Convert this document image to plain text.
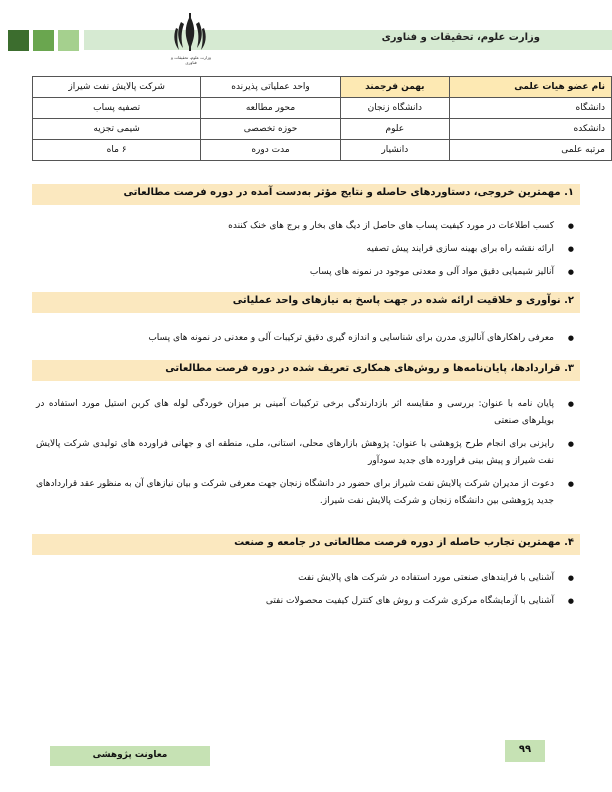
وزارت علوم، تحقیقات و فناوری
وزارت علوم، تحقیقات و فناوری
نام عضو هیات علمی	بهمن فرجمند	واحد عملیاتی پذیرنده	شرکت پالایش نفت شیراز
دانشگاه	دانشگاه زنجان	محور مطالعه	تصفیه پساب
دانشکده	علوم	حوزه تخصصی	شیمی تجزیه
مرتبه علمی	دانشیار	مدت دوره	۶ ماه
۱. مهمترین خروجی، دستاوردهای حاصله و نتایج مؤثر به‌دست آمده در دوره فرصت مطالعاتی
● کسب اطلاعات در مورد کیفیت پساب های حاصل از دیگ های بخار و برج های خنک کننده
● ارائه نقشه راه برای بهینه سازی فرایند پیش تصفیه
● آنالیز شیمیایی دقیق مواد آلی و معدنی موجود در نمونه های پساب
۲. نوآوری و خلاقیت ارائه شده در جهت پاسخ به نیازهای واحد عملیاتی
● معرفی راهکارهای آنالیزی مدرن برای شناسایی و اندازه گیری دقیق ترکیبات آلی و معدنی در نمونه های پساب
۳. قراردادها، پایان‌نامه‌ها و روش‌های همکاری تعریف شده در دوره فرصت مطالعاتی
● پایان نامه با عنوان: بررسی و مقایسه اثر بازدارندگی برخی ترکیبات آمینی بر میزان خوردگی لوله های کربن استیل مورد استفاده در بویلرهای صنعتی
● رایزنی برای انجام طرح پژوهشی با عنوان: پژوهش بازارهای محلی، استانی، ملی، منطقه ای و جهانی فراورده های تولیدی شرکت پالایش نفت شیراز و پیش بینی فراورده های جدید سودآور
● دعوت از مدیران شرکت پالایش نفت شیراز برای حضور در دانشگاه زنجان جهت معرفی شرکت و بیان نیازهای آن به منظور عقد قراردادهای جدید پژوهشی بین دانشگاه زنجان و شرکت پالایش نفت شیراز.
۴. مهمترین تجارب حاصله از دوره فرصت مطالعاتی در جامعه و صنعت
● آشنایی با فرایندهای صنعتی مورد استفاده در شرکت های پالایش نفت
● آشنایی با آزمایشگاه مرکزی شرکت و روش های کنترل کیفیت محصولات نفتی
معاونت پژوهشی	۹۹
